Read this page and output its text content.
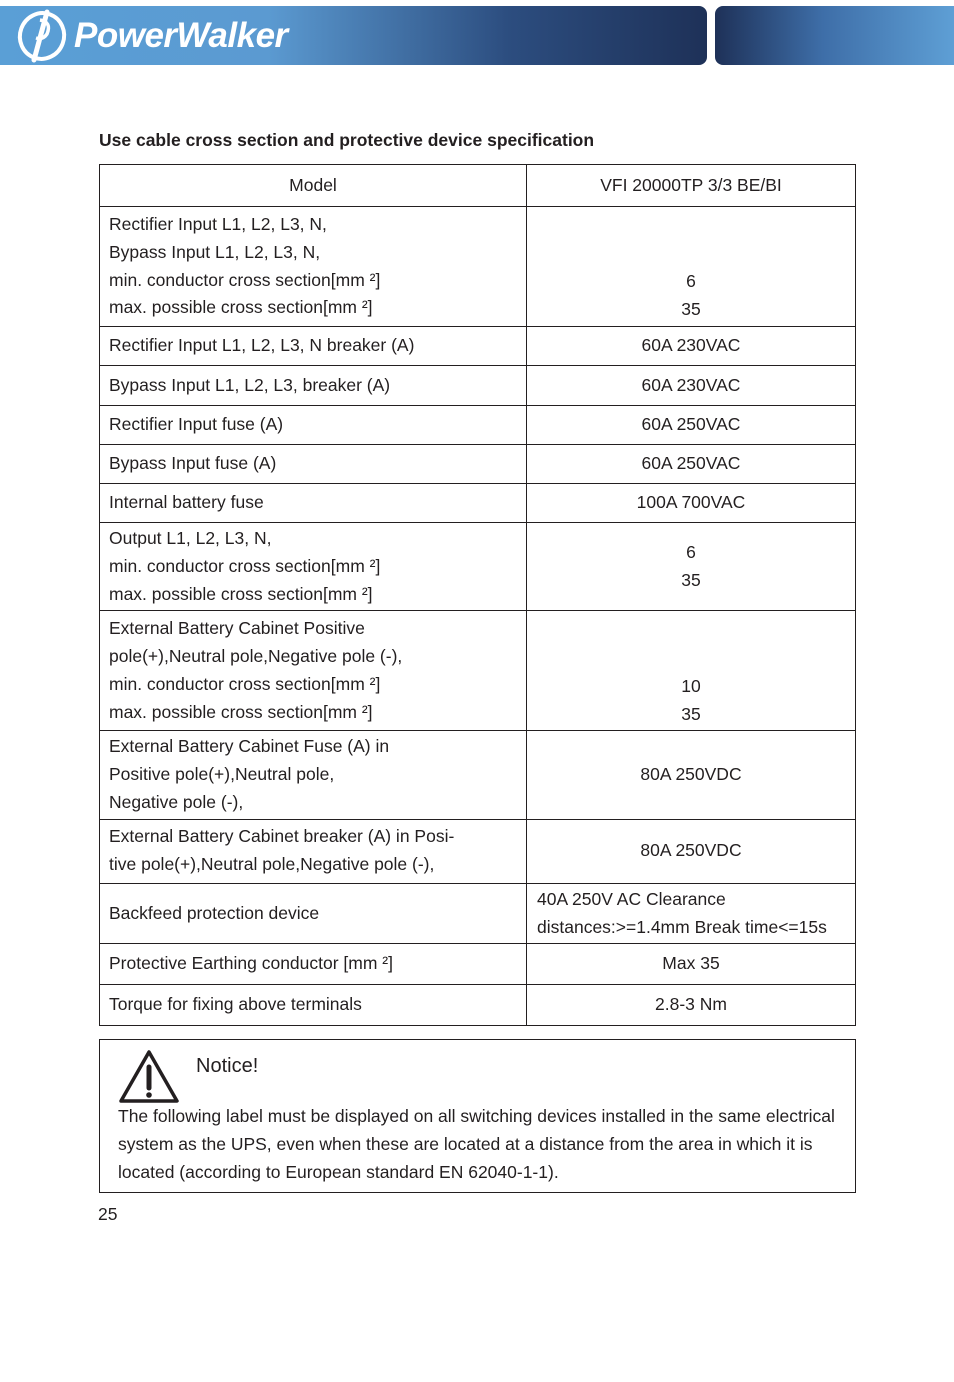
PowerWalker
Use cable cross section and protective device specification
Model	VFI 20000TP 3/3 BE/BI

Rectifier Input L1, L2, L3, N,
Bypass Input L1, L2, L3, N,
min. conductor cross section[mm ²]
max. possible cross section[mm ²]	6
35

Rectifier Input L1, L2, L3, N breaker (A)	60A 230VAC

Bypass Input L1, L2, L3, breaker (A)	60A 230VAC

Rectifier Input fuse (A)	60A 250VAC

Bypass Input fuse (A)	60A 250VAC

Internal battery fuse	100A 700VAC

Output L1, L2, L3, N,
min. conductor cross section[mm ²]
max. possible cross section[mm ²]	6
35

External Battery Cabinet Positive
pole(+),Neutral pole,Negative pole (-),
min. conductor cross section[mm ²]
max. possible cross section[mm ²]	10
35

External Battery Cabinet Fuse (A) in
Positive pole(+),Neutral pole,
Negative pole (-),	80A 250VDC

External Battery Cabinet breaker (A) in Posi-
tive pole(+),Neutral pole,Negative pole (-),	80A 250VDC

Backfeed protection device	40A 250V AC Clearance
distances:>=1.4mm Break time<=15s

Protective Earthing conductor [mm ²]	Max 35

Torque for fixing above terminals	2.8-3 Nm
Notice!

The following label must be displayed on all switching devices installed in the same electrical system as the UPS, even when these are located at a distance from the area in which it is located (according to European standard EN 62040-1-1).

25
